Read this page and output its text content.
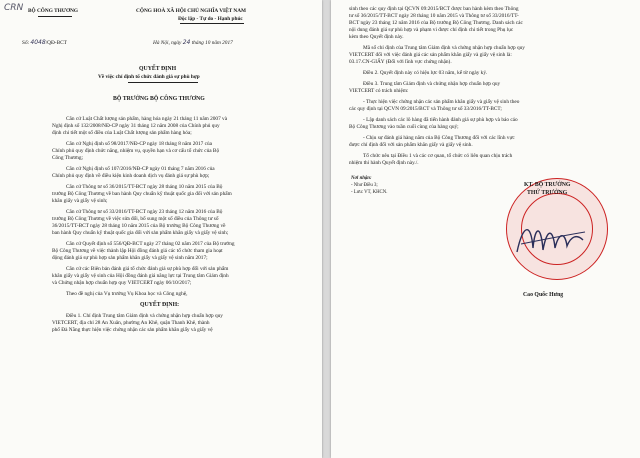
CRN BỘ CÔNG THƯƠNG
Số: 4048/QĐ-BCT
CỘNG HOÀ XÃ HỘI CHỦ NGHĨA VIỆT NAM
Độc lập - Tự do - Hạnh phúc
Hà Nội, ngày 24 tháng 10 năm 2017
QUYẾT ĐỊNH
Về việc chỉ định tổ chức đánh giá sự phù hợp
BỘ TRƯỞNG BỘ CÔNG THƯƠNG
Căn cứ Luật Chất lượng sản phẩm, hàng hóa ngày 21 tháng 11 năm 2007 và
Nghị định số 132/2008/NĐ-CP ngày 31 tháng 12 năm 2008 của Chính phủ quy
định chi tiết một số điều của Luật Chất lượng sản phẩm hàng hóa;
Căn cứ Nghị định số 98/2017/NĐ-CP ngày 18 tháng 8 năm 2017 của
Chính phủ quy định chức năng, nhiệm vụ, quyền hạn và cơ cấu tổ chức của Bộ
Công Thương;
Căn cứ Nghị định số 107/2016/NĐ-CP ngày 01 tháng 7 năm 2016 của
Chính phủ quy định về điều kiện kinh doanh dịch vụ đánh giá sự phù hợp;
Căn cứ Thông tư số 36/2015/TT-BCT ngày 28 tháng 10 năm 2015 của Bộ
trưởng Bộ Công Thương về ban hành Quy chuẩn kỹ thuật quốc gia đối với sản phẩm
khăn giấy và giấy vệ sinh;
Căn cứ Thông tư số 33/2016/TT-BCT ngày 23 tháng 12 năm 2016 của Bộ
trưởng Bộ Công Thương về việc sửa đổi, bổ sung một số điều của Thông tư số
36/2015/TT-BCT ngày 28 tháng 10 năm 2015 của Bộ trưởng Bộ Công Thương về
ban hành Quy chuẩn kỹ thuật quốc gia đối với sản phẩm khăn giấy và giấy vệ sinh;
Căn cứ Quyết định số 556/QĐ-BCT ngày 27 tháng 02 năm 2017 của Bộ trưởng
Bộ Công Thương về việc thành lập Hội đồng đánh giá các tổ chức tham gia hoạt
động đánh giá sự phù hợp sản phẩm khăn giấy và giấy vệ sinh năm 2017;
Căn cứ các Biên bản đánh giá tổ chức đánh giá sự phù hợp đối với sản phẩm
khăn giấy và giấy vệ sinh của Hội đồng đánh giá năng lực tại Trung tâm Giám định
và Chứng nhận hợp chuẩn hợp quy VIETCERT ngày 06/10/2017;
Theo đề nghị của Vụ trưởng Vụ Khoa học và Công nghệ,
QUYẾT ĐỊNH:
Điều 1. Chỉ định Trung tâm Giám định và chứng nhận hợp chuẩn hợp quy
VIETCERT, địa chỉ 28 An Xuân, phường An Khê, quận Thanh Khê, thành
phố Đà Nẵng thực hiện việc chứng nhận các sản phẩm khăn giấy và giấy vệ
sinh theo các quy định tại QCVN 09:2015/BCT được ban hành kèm theo Thông
tư số 36/2015/TT-BCT ngày 28 tháng 10 năm 2015 và Thông tư số 33/2016/TT-
BCT ngày 23 tháng 12 năm 2016 của Bộ trưởng Bộ Công Thương. Danh sách các
nội dung đánh giá sự phù hợp và phạm vi được chỉ định chi tiết trong Phụ lục
kèm theo Quyết định này.
Mã số chỉ định của Trung tâm Giám định và chứng nhận hợp chuẩn hợp quy
VIETCERT đối với việc đánh giá các sản phẩm khăn giấy và giấy vệ sinh là:
03.17.CN-GIẤY (Đối với lĩnh vực chứng nhận).
Điều 2. Quyết định này có hiệu lực 03 năm, kể từ ngày ký.
Điều 3. Trung tâm Giám định và chứng nhận hợp chuẩn hợp quy
VIETCERT có trách nhiệm:
- Thực hiện việc chứng nhận các sản phẩm khăn giấy và giấy vệ sinh theo
các quy định tại QCVN 09:2015/BCT và Thông tư số 33/2016/TT-BCT;
- Lập danh sách các lô hàng đã tiến hành đánh giá sự phù hợp và báo cáo
Bộ Công Thương vào tuần cuối cùng của hàng quý;
- Chịu sự đánh giá hàng năm của Bộ Công Thương đối với các lĩnh vực
được chỉ định đối với sản phẩm khăn giấy và giấy vệ sinh.
Tổ chức nêu tại Điều 1 và các cơ quan, tổ chức có liên quan chịu trách
nhiệm thi hành Quyết định này./.
Nơi nhận:
- Như Điều 3;
- Lưu: VT, KHCN.
KT. BỘ TRƯỞNG
THỨ TRƯỞNG
Cao Quốc Hưng
